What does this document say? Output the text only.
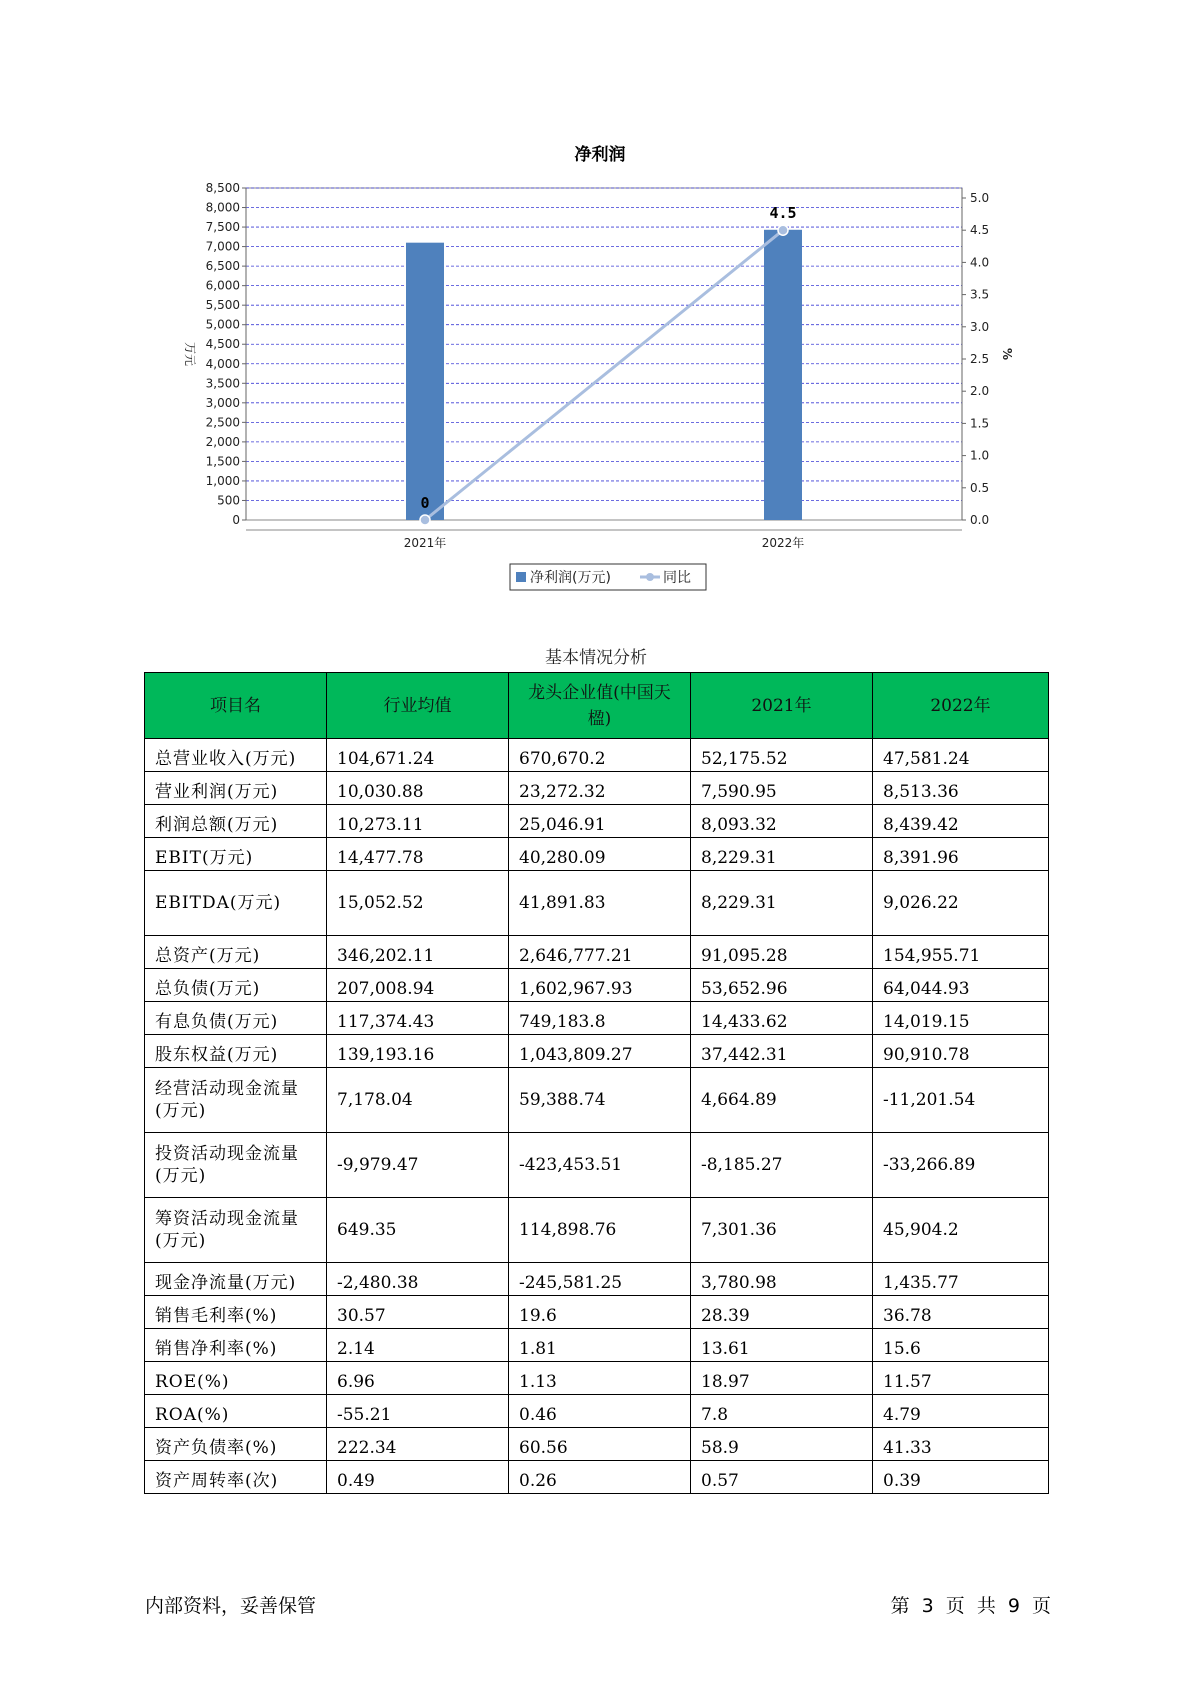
净利润
0
500
1,000
1,500
2,000
2,500
3,000
3,500
4,000
4,500
5,000
5,500
6,000
6,500
7,000
7,500
8,000
8,500
0.0
0.5
1.0
1.5
2.0
2.5
3.0
3.5
4.0
4.5
5.0
万元	%
2021年	2022年
0
4.5
净利润(万元)	同比
基本情况分析
项目名	行业均值	龙头企业值(中国天楹)	2021年	2022年
总营业收入(万元)	104,671.24	670,670.2	52,175.52	47,581.24
营业利润(万元)	10,030.88	23,272.32	7,590.95	8,513.36
利润总额(万元)	10,273.11	25,046.91	8,093.32	8,439.42
EBIT(万元)	14,477.78	40,280.09	8,229.31	8,391.96
EBITDA(万元)	15,052.52	41,891.83	8,229.31	9,026.22
总资产(万元)	346,202.11	2,646,777.21	91,095.28	154,955.71
总负债(万元)	207,008.94	1,602,967.93	53,652.96	64,044.93
有息负债(万元)	117,374.43	749,183.8	14,433.62	14,019.15
股东权益(万元)	139,193.16	1,043,809.27	37,442.31	90,910.78
经营活动现金流量(万元)	7,178.04	59,388.74	4,664.89	-11,201.54
投资活动现金流量(万元)	-9,979.47	-423,453.51	-8,185.27	-33,266.89
筹资活动现金流量(万元)	649.35	114,898.76	7,301.36	45,904.2
现金净流量(万元)	-2,480.38	-245,581.25	3,780.98	1,435.77
销售毛利率(%)	30.57	19.6	28.39	36.78
销售净利率(%)	2.14	1.81	13.61	15.6
ROE(%)	6.96	1.13	18.97	11.57
ROA(%)	-55.21	0.46	7.8	4.79
资产负债率(%)	222.34	60.56	58.9	41.33
资产周转率(次)	0.49	0.26	0.57	0.39
内部资料，妥善保管	第 3 页 共 9 页
